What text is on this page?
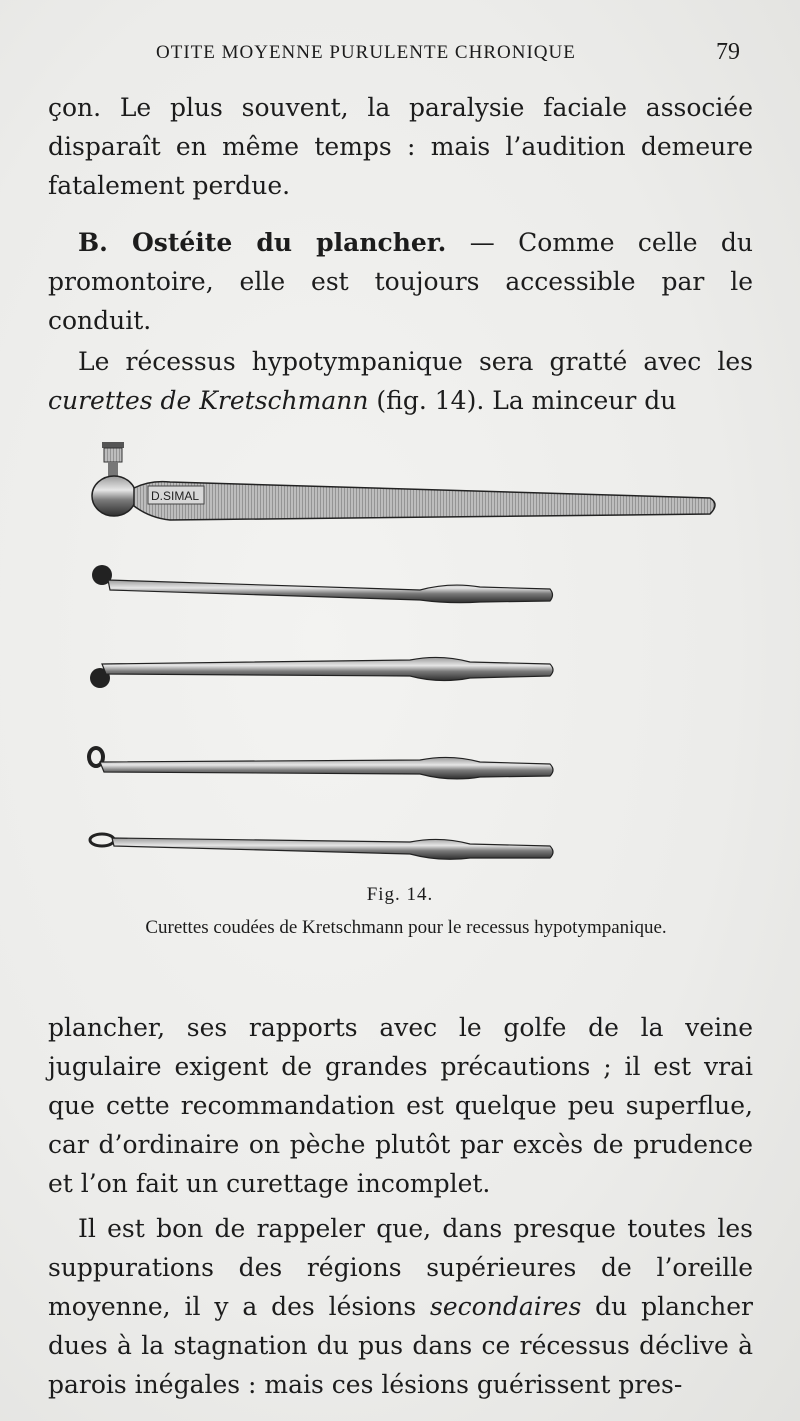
OTITE MOYENNE PURULENTE CHRONIQUE	79

çon. Le plus souvent, la paralysie faciale associée disparaît en même temps : mais l’audition demeure fatalement perdue.

B. Ostéite du plancher. — Comme celle du promontoire, elle est toujours accessible par le conduit.

Le récessus hypotympanique sera gratté avec les curettes de Kretschmann (fig. 14). La minceur du

D.SIMAL
Fig. 14.
Curettes coudées de Kretschmann pour le recessus hypotympanique.

plancher, ses rapports avec le golfe de la veine jugulaire exigent de grandes précautions ; il est vrai que cette recommandation est quelque peu superflue, car d’ordinaire on pèche plutôt par excès de prudence et l’on fait un curettage incomplet.

Il est bon de rappeler que, dans presque toutes les suppurations des régions supérieures de l’oreille moyenne, il y a des lésions secondaires du plancher dues à la stagnation du pus dans ce récessus déclive à parois inégales : mais ces lésions guérissent pres-
